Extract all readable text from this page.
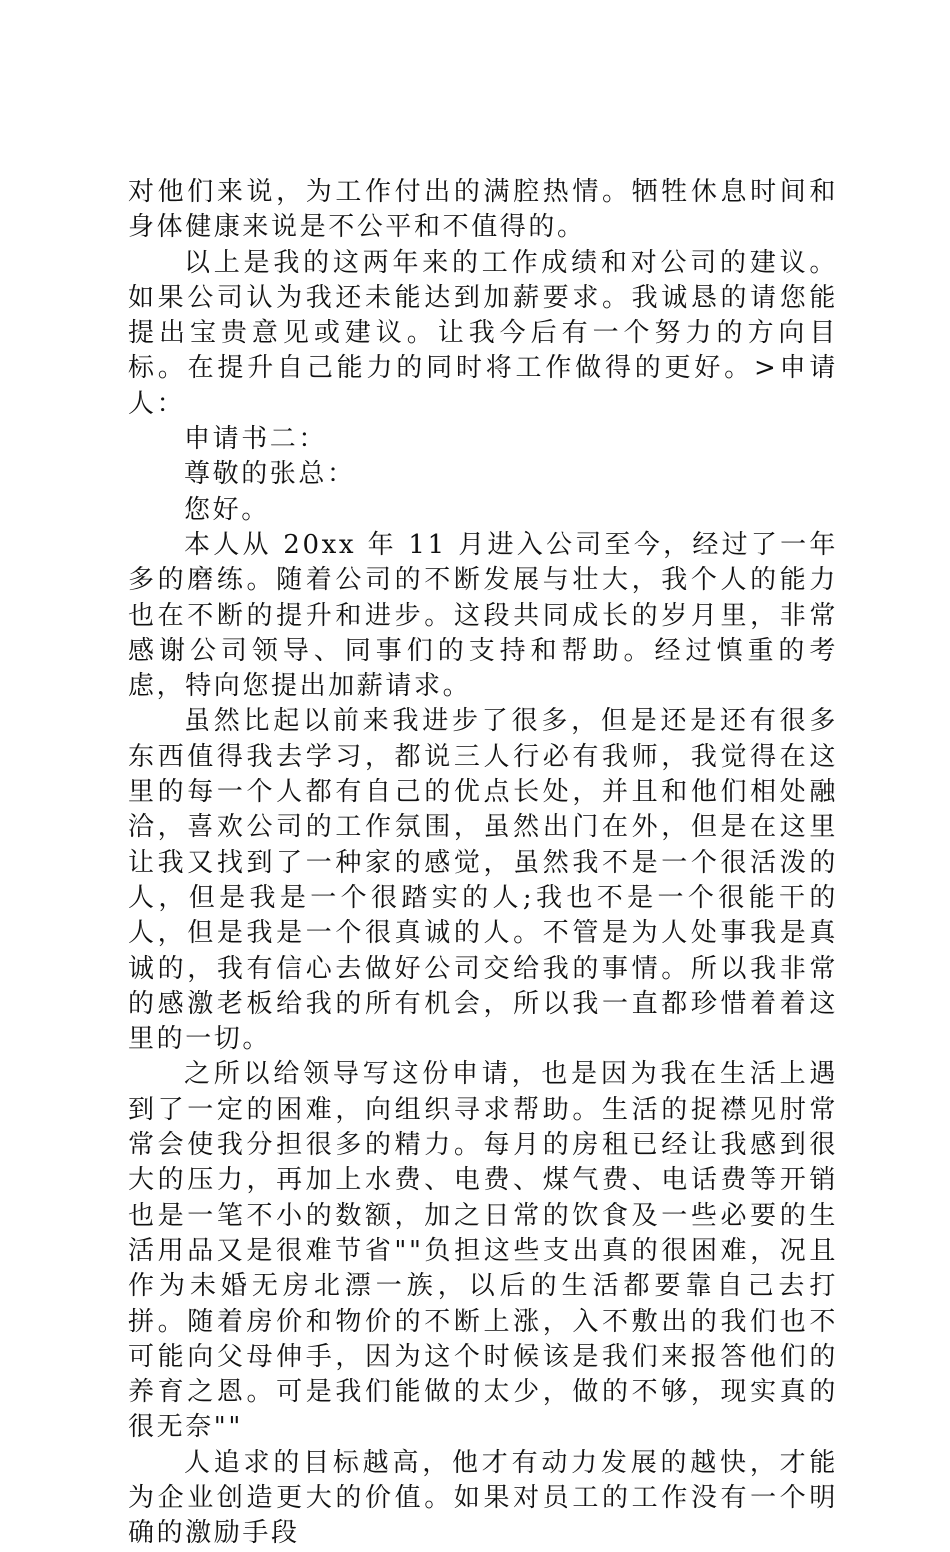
对他们来说，为工作付出的满腔热情。牺牲休息时间和身体健康来说是不公平和不值得的。

以上是我的这两年来的工作成绩和对公司的建议。如果公司认为我还未能达到加薪要求。我诚恳的请您能提出宝贵意见或建议。让我今后有一个努力的方向目标。在提升自己能力的同时将工作做得的更好。>申请人：

申请书二：

尊敬的张总：

您好。

本人从 20xx 年 11 月进入公司至今，经过了一年多的磨练。随着公司的不断发展与壮大，我个人的能力也在不断的提升和进步。这段共同成长的岁月里，非常感谢公司领导、同事们的支持和帮助。经过慎重的考虑，特向您提出加薪请求。

虽然比起以前来我进步了很多，但是还是还有很多东西值得我去学习，都说三人行必有我师，我觉得在这里的每一个人都有自己的优点长处，并且和他们相处融洽，喜欢公司的工作氛围，虽然出门在外，但是在这里让我又找到了一种家的感觉，虽然我不是一个很活泼的人，但是我是一个很踏实的人;我也不是一个很能干的人，但是我是一个很真诚的人。不管是为人处事我是真诚的，我有信心去做好公司交给我的事情。所以我非常的感激老板给我的所有机会，所以我一直都珍惜着着这里的一切。

之所以给领导写这份申请，也是因为我在生活上遇到了一定的困难，向组织寻求帮助。生活的捉襟见肘常常会使我分担很多的精力。每月的房租已经让我感到很大的压力，再加上水费、电费、煤气费、电话费等开销也是一笔不小的数额，加之日常的饮食及一些必要的生活用品又是很难节省""负担这些支出真的很困难，况且作为未婚无房北漂一族，以后的生活都要靠自己去打拼。随着房价和物价的不断上涨，入不敷出的我们也不可能向父母伸手，因为这个时候该是我们来报答他们的养育之恩。可是我们能做的太少，做的不够，现实真的很无奈""

人追求的目标越高，他才有动力发展的越快，才能为企业创造更大的价值。如果对员工的工作没有一个明确的激励手段
